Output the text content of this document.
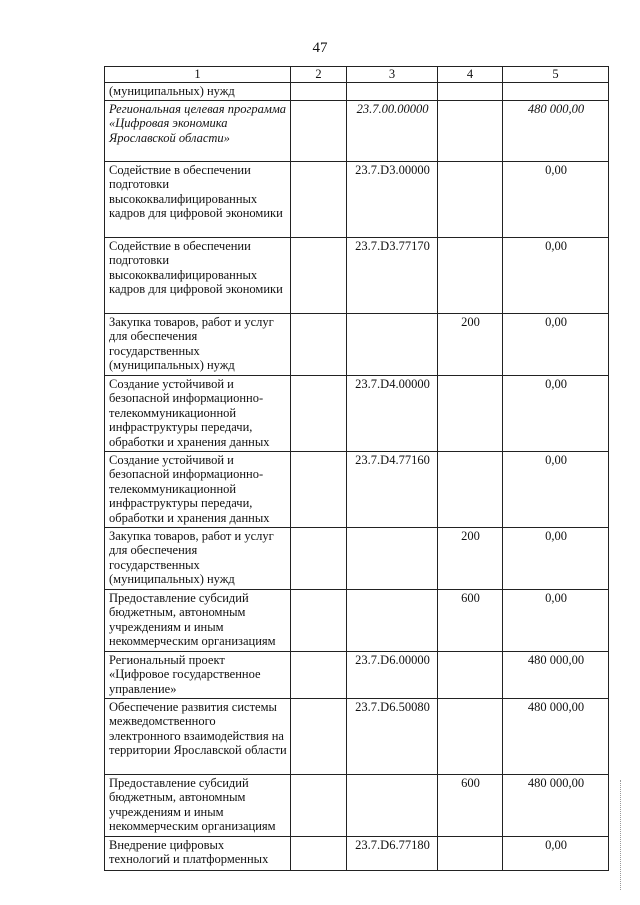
47
1	2	3	4	5
(муниципальных) нужд				
Региональная целевая программа «Цифровая экономика Ярославской области»		23.7.00.00000		480 000,00
Содействие в обеспечении подготовки высококвалифицированных кадров для цифровой экономики		23.7.D3.00000		0,00
Содействие в обеспечении подготовки высококвалифицированных кадров для цифровой экономики		23.7.D3.77170		0,00
Закупка товаров, работ и услуг для обеспечения государственных (муниципальных) нужд			200	0,00
Создание устойчивой и безопасной информационно-телекоммуникационной инфраструктуры передачи, обработки и хранения данных		23.7.D4.00000		0,00
Создание устойчивой и безопасной информационно-телекоммуникационной инфраструктуры передачи, обработки и хранения данных		23.7.D4.77160		0,00
Закупка товаров, работ и услуг для обеспечения государственных (муниципальных) нужд			200	0,00
Предоставление субсидий бюджетным, автономным учреждениям и иным некоммерческим организациям			600	0,00
Региональный проект «Цифровое государственное управление»		23.7.D6.00000		480 000,00
Обеспечение развития системы межведомственного электронного взаимодействия на территории Ярославской области		23.7.D6.50080		480 000,00
Предоставление субсидий бюджетным, автономным учреждениям и иным некоммерческим организациям			600	480 000,00
Внедрение цифровых технологий и платформенных		23.7.D6.77180		0,00
